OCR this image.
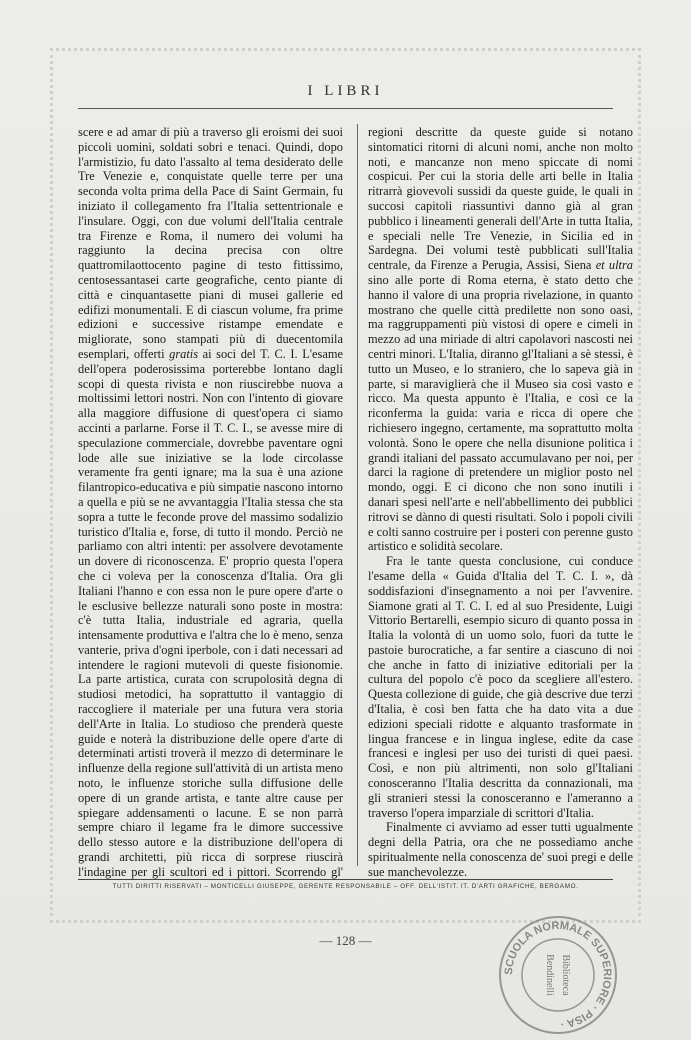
I LIBRI

scere e ad amar di più a traverso gli eroismi dei suoi piccoli uomini, soldati sobri e tenaci. Quindi, dopo l'armistizio, fu dato l'assalto al tema desiderato delle Tre Venezie e, conquistate quelle terre per una seconda volta prima della Pace di Saint Germain, fu iniziato il collegamento fra l'Italia settentrionale e l'insulare. Oggi, con due volumi dell'Italia centrale tra Firenze e Roma, il numero dei volumi ha raggiunto la decina precisa con oltre quattromilaottocento pagine di testo fittissimo, centosessantasei carte geografiche, cento piante di città e cinquantasette piani di musei gallerie ed edifizi monumentali. E di ciascun volume, fra prime edizioni e successive ristampe emendate e migliorate, sono stampati più di duecentomila esemplari, offerti gratis ai soci del T. C. I. L'esame dell'opera poderosissima porterebbe lontano dagli scopi di questa rivista e non riuscirebbe nuova a moltissimi lettori nostri. Non con l'intento di giovare alla maggiore diffusione di quest'opera ci siamo accinti a parlarne. Forse il T. C. I., se avesse mire di speculazione commerciale, dovrebbe paventare ogni lode alle sue iniziative se la lode circolasse veramente fra genti ignare; ma la sua è una azione filantropico-educativa e più simpatie nascono intorno a quella e più se ne avvantaggia l'Italia stessa che sta sopra a tutte le feconde prove del massimo sodalizio turistico d'Italia e, forse, di tutto il mondo. Perciò ne parliamo con altri intenti: per assolvere devotamente un dovere di riconoscenza. E' proprio questa l'opera che ci voleva per la conoscenza d'Italia. Ora gli Italiani l'hanno e con essa non le pure opere d'arte o le esclusive bellezze naturali sono poste in mostra: c'è tutta Italia, industriale ed agraria, quella intensamente produttiva e l'altra che lo è meno, senza vanterie, priva d'ogni iperbole, con i dati necessari ad intendere le ragioni mutevoli di queste fisionomie. La parte artistica, curata con scrupolosità degna di studiosi metodici, ha soprattutto il vantaggio di raccogliere il materiale per una futura vera storia dell'Arte in Italia. Lo studioso che prenderà queste guide e noterà la distribuzione delle opere d'arte di determinati artisti troverà il mezzo di determinare le influenze della regione sull'attività di un artista meno noto, le influenze storiche sulla diffusione delle opere di un grande artista, e tante altre cause per spiegare addensamenti o lacune. E se non parrà sempre chiaro il legame fra le dimore successive dello stesso autore e la distribuzione dell'opera di grandi architetti, più ricca di sorprese riuscirà l'indagine per gli scultori ed i pittori. Scorrendo gl'

regioni descritte da queste guide si notano sintomatici ritorni di alcuni nomi, anche non molto noti, e mancanze non meno spiccate di nomi cospicui. Per cui la storia delle arti belle in Italia ritrarrà giovevoli sussidi da queste guide, le quali in succosi capitoli riassuntivi danno già al gran pubblico i lineamenti generali dell'Arte in tutta Italia, e speciali nelle Tre Venezie, in Sicilia ed in Sardegna. Dei volumi testè pubblicati sull'Italia centrale, da Firenze a Perugia, Assisi, Siena et ultra sino alle porte di Roma eterna, è stato detto che hanno il valore di una propria rivelazione, in quanto mostrano che quelle città predilette non sono oasi, ma raggruppamenti più vistosi di opere e cimeli in mezzo ad una miriade di altri capolavori nascosti nei centri minori. L'Italia, diranno gl'Italiani a sè stessi, è tutto un Museo, e lo straniero, che lo sapeva già in parte, si maraviglierà che il Museo sia così vasto e ricco. Ma questa appunto è l'Italia, e così ce la riconferma la guida: varia e ricca di opere che richiesero ingegno, certamente, ma soprattutto molta volontà. Sono le opere che nella disunione politica i grandi italiani del passato accumulavano per noi, per darci la ragione di pretendere un miglior posto nel mondo, oggi. E ci dicono che non sono inutili i danari spesi nell'arte e nell'abbellimento dei pubblici ritrovi se dànno di questi risultati. Solo i popoli civili e colti sanno costruire per i posteri con perenne gusto artistico e solidità secolare.

Fra le tante questa conclusione, cui conduce l'esame della « Guida d'Italia del T. C. I. », dà soddisfazioni d'insegnamento a noi per l'avvenire. Siamone grati al T. C. I. ed al suo Presidente, Luigi Vittorio Bertarelli, esempio sicuro di quanto possa in Italia la volontà di un uomo solo, fuori da tutte le pastoie burocratiche, a far sentire a ciascuno di noi che anche in fatto di iniziative editoriali per la cultura del popolo c'è poco da scegliere all'estero. Questa collezione di guide, che già descrive due terzi d'Italia, è così ben fatta che ha dato vita a due edizioni speciali ridotte e alquanto trasformate in lingua francese e in lingua inglese, edite da case francesi e inglesi per uso dei turisti di quei paesi. Così, e non più altrimenti, non solo gl'Italiani conosceranno l'Italia descritta da connazionali, ma gli stranieri stessi la conosceranno e l'ameranno a traverso l'opera imparziale di scrittori d'Italia.

Finalmente ci avviamo ad esser tutti ugualmente degni della Patria, ora che ne possediamo anche spiritualmente nella conoscenza de' suoi pregi e delle sue manchevolezze.

TUTTI DIRITTI RISERVATI – MONTICELLI GIUSEPPE, GERENTE RESPONSABILE – OFF. DELL'ISTIT. IT. D'ARTI GRAFICHE, BERGAMO.
— 128 —
SCUOLA NORMALE SUPERIORE · PISA ·
Biblioteca
Bendinelli
